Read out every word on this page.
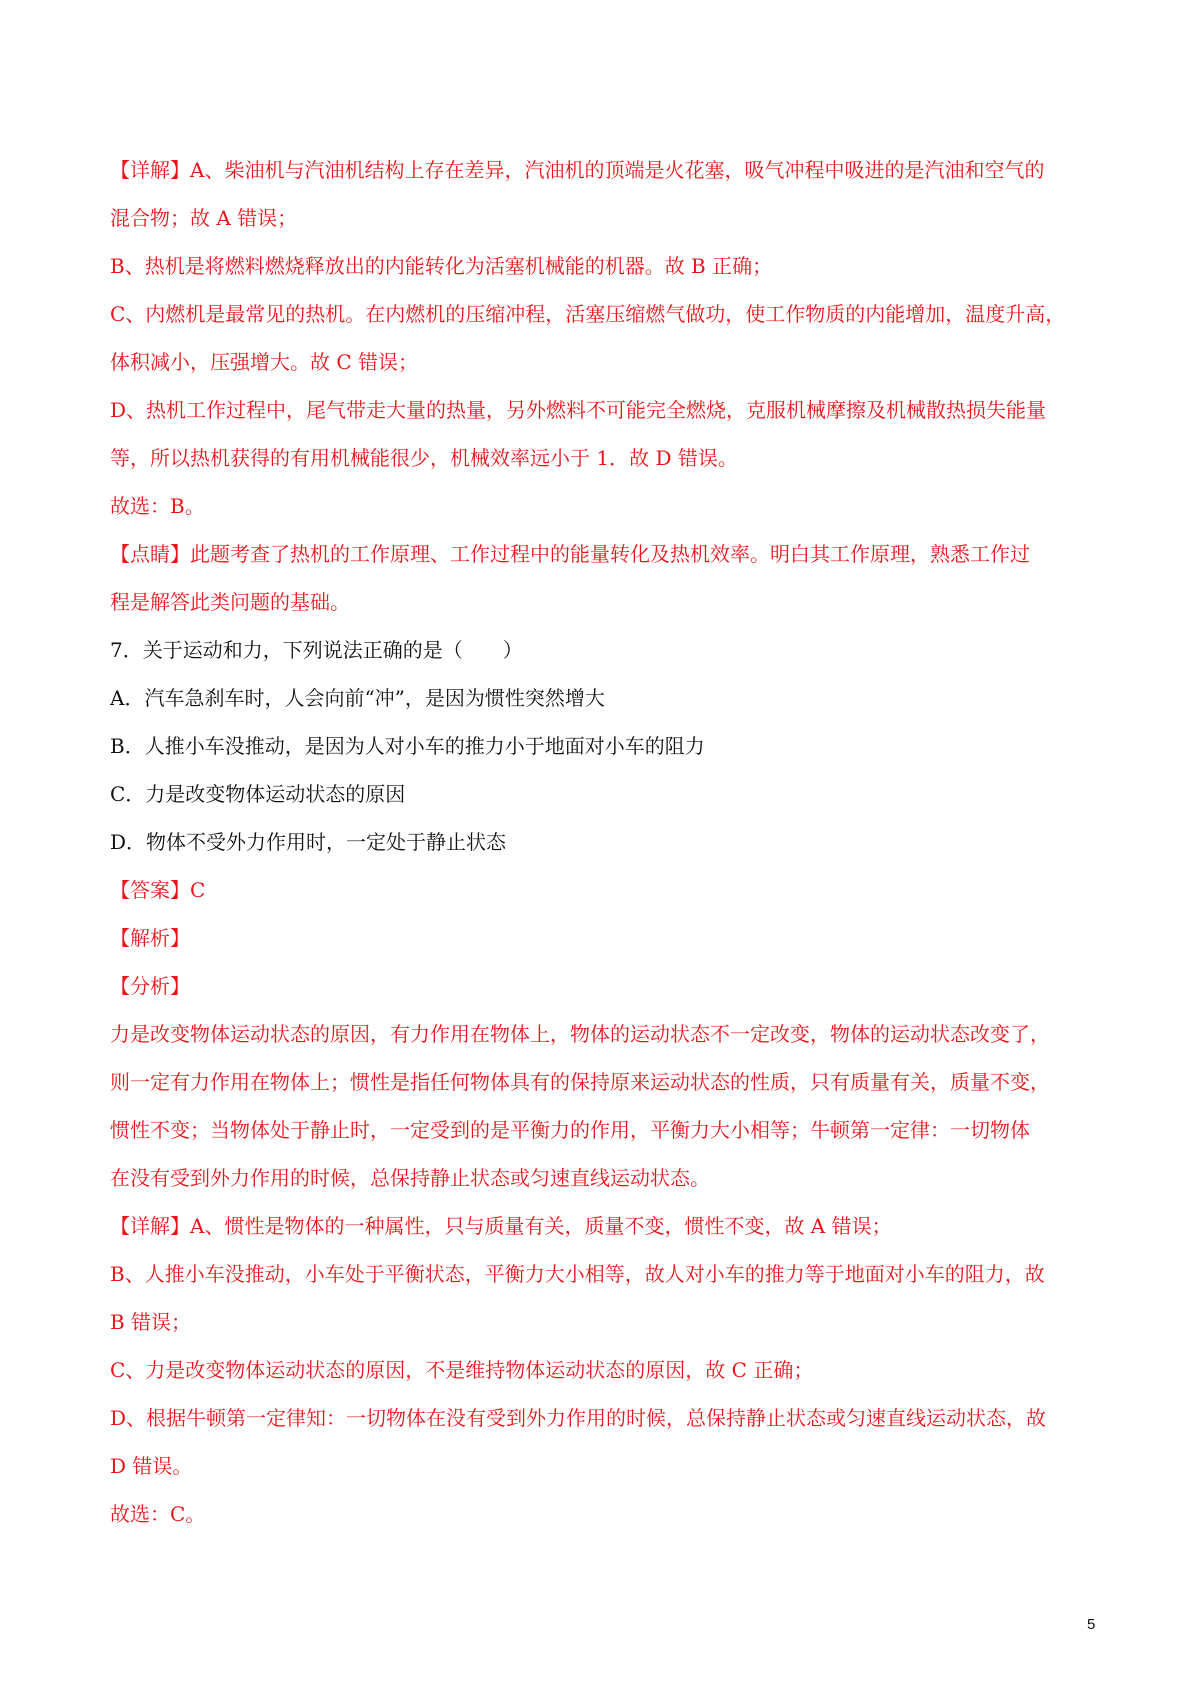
【详解】A、柴油机与汽油机结构上存在差异，汽油机的顶端是火花塞，吸气冲程中吸进的是汽油和空气的
混合物；故 A 错误；
B、热机是将燃料燃烧释放出的内能转化为活塞机械能的机器。故 B 正确；
C、内燃机是最常见的热机。在内燃机的压缩冲程，活塞压缩燃气做功，使工作物质的内能增加，温度升高，
体积减小，压强增大。故 C 错误；
D、热机工作过程中，尾气带走大量的热量，另外燃料不可能完全燃烧，克服机械摩擦及机械散热损失能量
等，所以热机获得的有用机械能很少，机械效率远小于 1．故 D 错误。
故选：B。
【点睛】此题考查了热机的工作原理、工作过程中的能量转化及热机效率。明白其工作原理，熟悉工作过
程是解答此类问题的基础。
7．关于运动和力，下列说法正确的是（　　）
A．汽车急刹车时，人会向前“冲”，是因为惯性突然增大
B．人推小车没推动，是因为人对小车的推力小于地面对小车的阻力
C．力是改变物体运动状态的原因
D．物体不受外力作用时，一定处于静止状态
【答案】C
【解析】
【分析】
力是改变物体运动状态的原因，有力作用在物体上，物体的运动状态不一定改变，物体的运动状态改变了，
则一定有力作用在物体上；惯性是指任何物体具有的保持原来运动状态的性质，只有质量有关，质量不变，
惯性不变；当物体处于静止时，一定受到的是平衡力的作用，平衡力大小相等；牛顿第一定律：一切物体
在没有受到外力作用的时候，总保持静止状态或匀速直线运动状态。
【详解】A、惯性是物体的一种属性，只与质量有关，质量不变，惯性不变，故 A 错误；
B、人推小车没推动，小车处于平衡状态，平衡力大小相等，故人对小车的推力等于地面对小车的阻力，故
B 错误；
C、力是改变物体运动状态的原因，不是维持物体运动状态的原因，故 C 正确；
D、根据牛顿第一定律知：一切物体在没有受到外力作用的时候，总保持静止状态或匀速直线运动状态，故
D 错误。
故选：C。
5
